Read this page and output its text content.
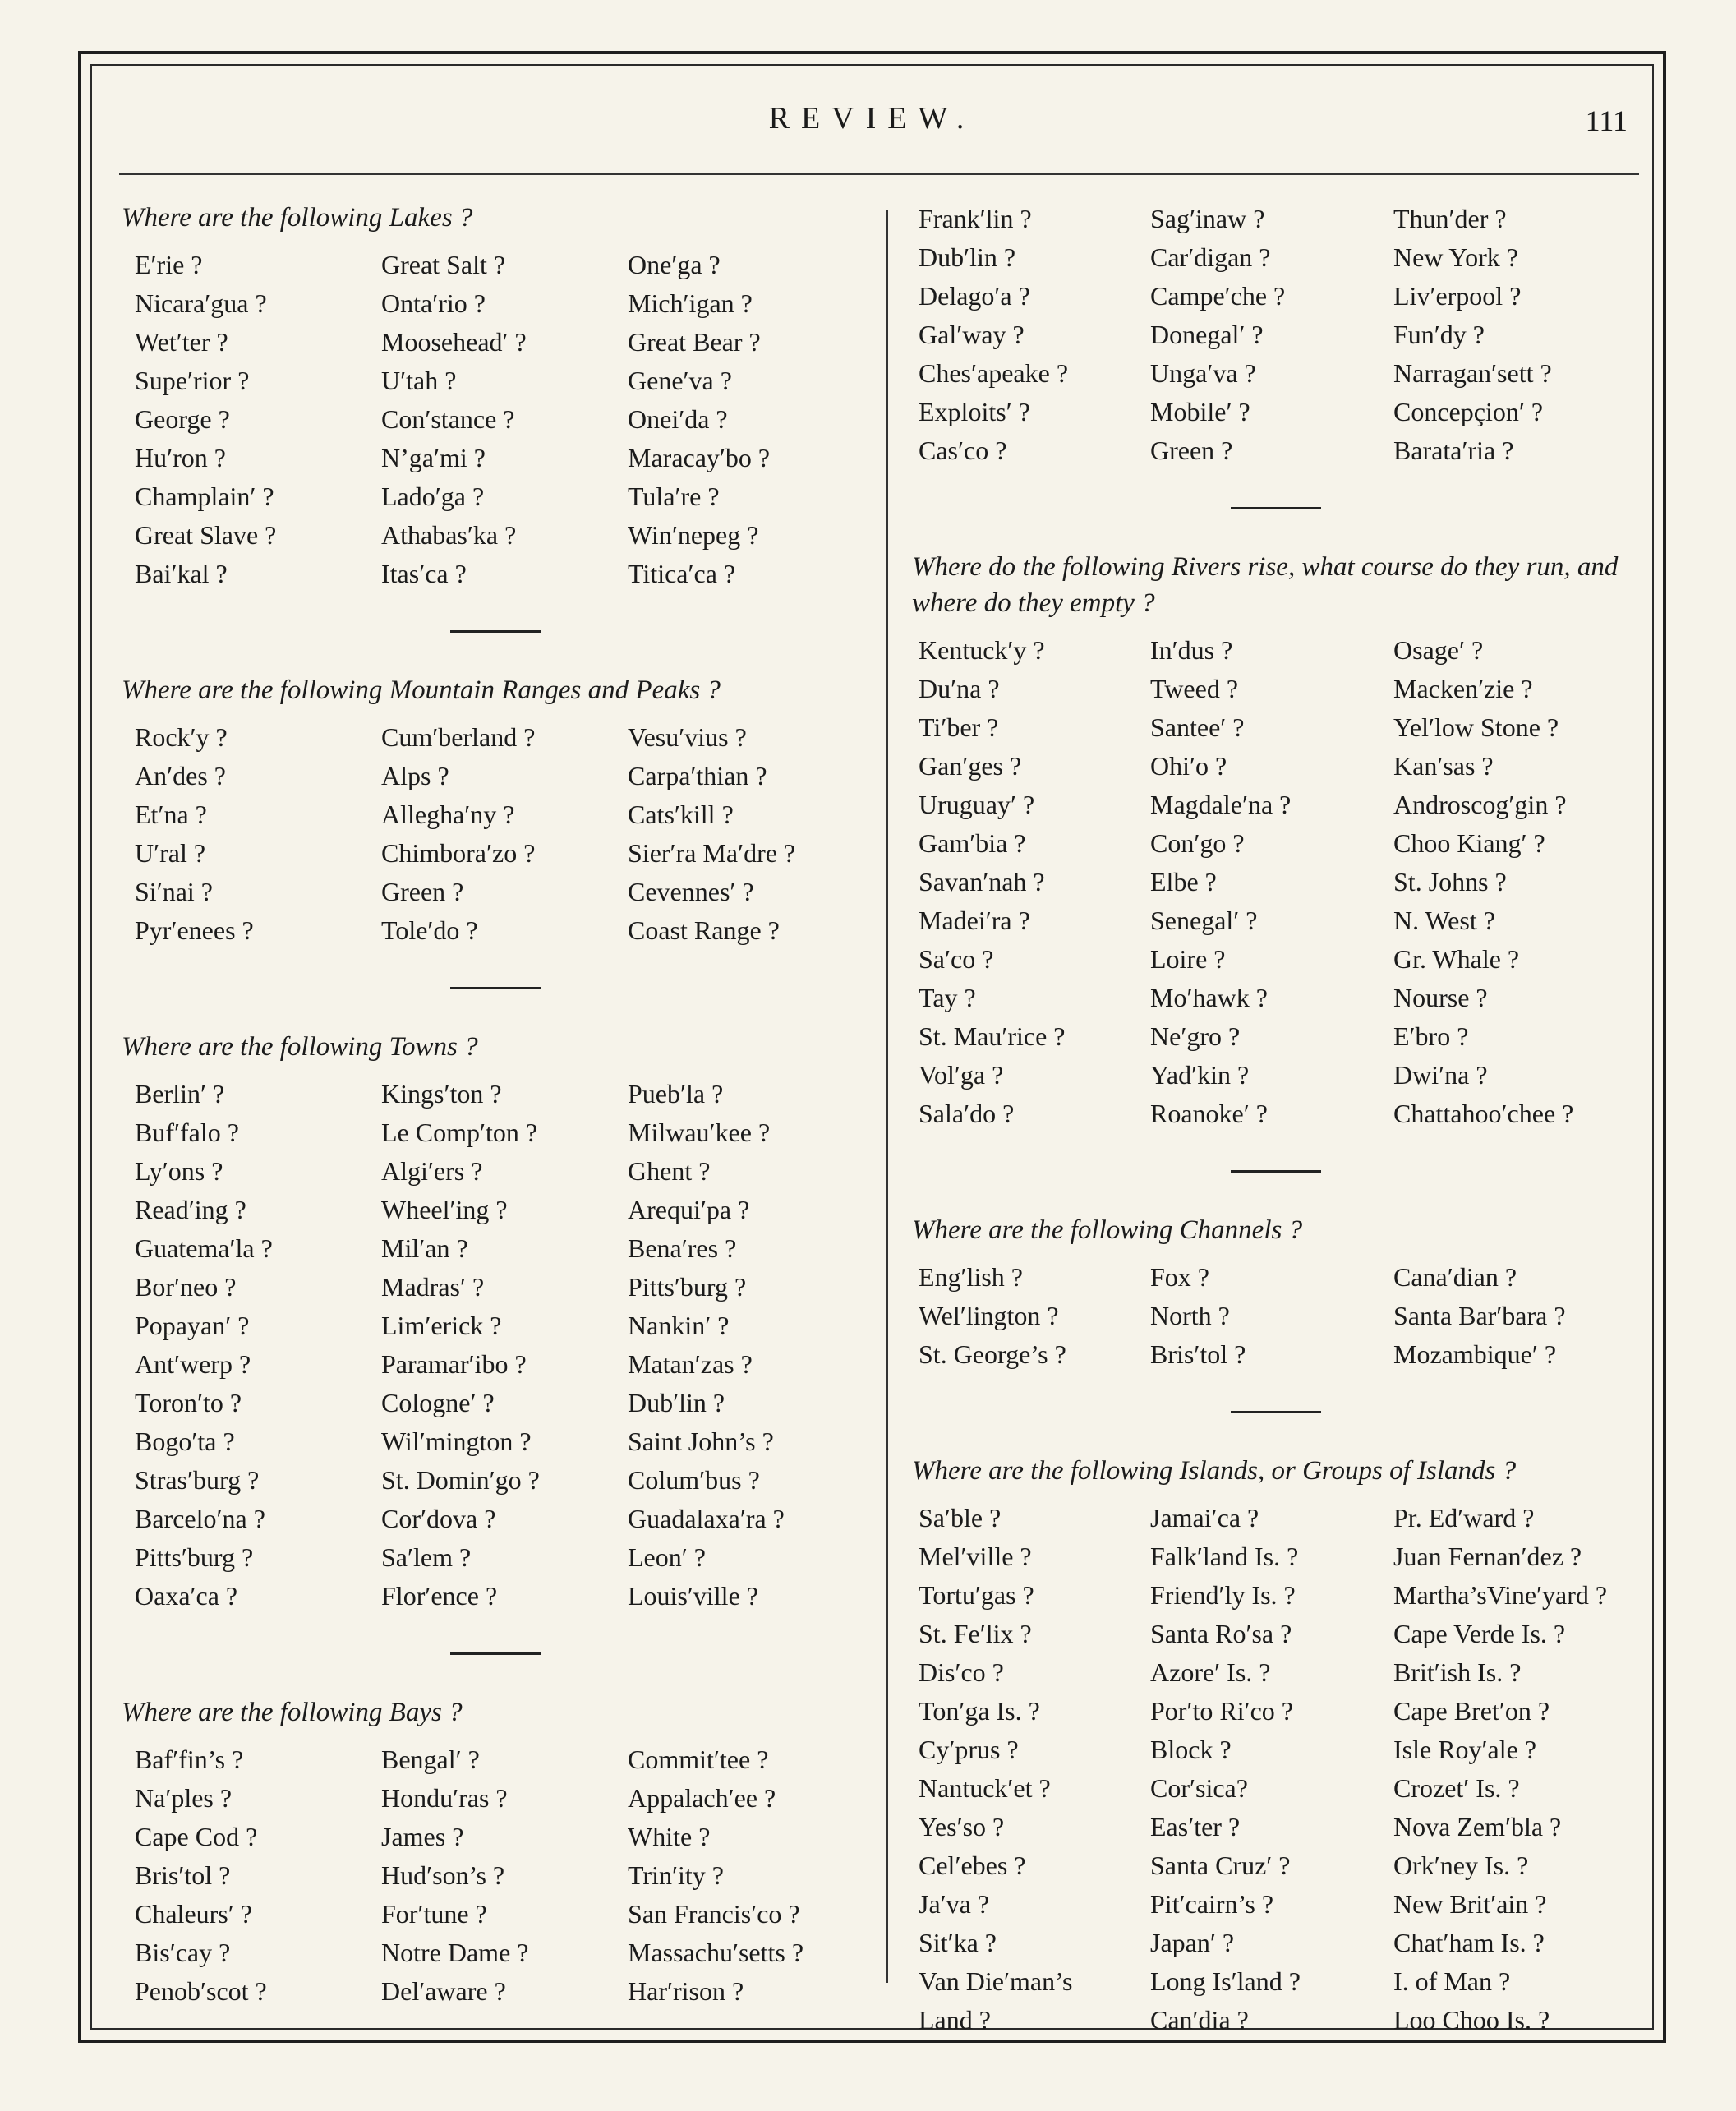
REVIEW.	111
Where are the following Lakes ?
E′rie ?	Great Salt ?	One′ga ?
Nicara′gua ?	Onta′rio ?	Mich′igan ?
Wet′ter ?	Moosehead′ ?	Great Bear ?
Supe′rior ?	U′tah ?	Gene′va ?
George ?	Con′stance ?	Onei′da ?
Hu′ron ?	N’ga′mi ?	Maracay′bo ?
Champlain′ ?	Lado′ga ?	Tula′re ?
Great Slave ?	Athabas′ka ?	Win′nepeg ?
Bai′kal ?	Itas′ca ?	Titica′ca ?
Where are the following Mountain Ranges and Peaks ?
Rock′y ?	Cum′berland ?	Vesu′vius ?
An′des ?	Alps ?	Carpa′thian ?
Et′na ?	Allegha′ny ?	Cats′kill ?
U′ral ?	Chimbora′zo ?	Sier′ra Ma′dre ?
Si′nai ?	Green ?	Cevennes′ ?
Pyr′enees ?	Tole′do ?	Coast Range ?
Where are the following Towns ?
Berlin′ ?	Kings′ton ?	Pueb′la ?
Buf′falo ?	Le Comp′ton ?	Milwau′kee ?
Ly′ons ?	Algi′ers ?	Ghent ?
Read′ing ?	Wheel′ing ?	Arequi′pa ?
Guatema′la ?	Mil′an ?	Bena′res ?
Bor′neo ?	Madras′ ?	Pitts′burg ?
Popayan′ ?	Lim′erick ?	Nankin′ ?
Ant′werp ?	Paramar′ibo ?	Matan′zas ?
Toron′to ?	Cologne′ ?	Dub′lin ?
Bogo′ta ?	Wil′mington ?	Saint John’s ?
Stras′burg ?	St. Domin′go ?	Colum′bus ?
Barcelo′na ?	Cor′dova ?	Guadalaxa′ra ?
Pitts′burg ?	Sa′lem ?	Leon′ ?
Oaxa′ca ?	Flor′ence ?	Louis′ville ?
Where are the following Bays ?
Baf′fin’s ?	Bengal′ ?	Commit′tee ?
Na′ples ?	Hondu′ras ?	Appalach′ee ?
Cape Cod ?	James ?	White ?
Bris′tol ?	Hud′son’s ?	Trin′ity ?
Chaleurs′ ?	For′tune ?	San Francis′co ?
Bis′cay ?	Notre Dame ?	Massachu′setts ?
Penob′scot ?	Del′aware ?	Har′rison ?
Frank′lin ?	Sag′inaw ?	Thun′der ?
Dub′lin ?	Car′digan ?	New York ?
Delago′a ?	Campe′che ?	Liv′erpool ?
Gal′way ?	Donegal′ ?	Fun′dy ?
Ches′apeake ?	Unga′va ?	Narragan′sett ?
Exploits′ ?	Mobile′ ?	Concepçion′ ?
Cas′co ?	Green ?	Barata′ria ?
Where do the following Rivers rise, what course do they run, and where do they empty ?
Kentuck′y ?	In′dus ?	Osage′ ?
Du′na ?	Tweed ?	Macken′zie ?
Ti′ber ?	Santee′ ?	Yel′low Stone ?
Gan′ges ?	Ohi′o ?	Kan′sas ?
Uruguay′ ?	Magdale′na ?	Androscog′gin ?
Gam′bia ?	Con′go ?	Choo Kiang′ ?
Savan′nah ?	Elbe ?	St. Johns ?
Madei′ra ?	Senegal′ ?	N. West ?
Sa′co ?	Loire ?	Gr. Whale ?
Tay ?	Mo′hawk ?	Nourse ?
St. Mau′rice ?	Ne′gro ?	E′bro ?
Vol′ga ?	Yad′kin ?	Dwi′na ?
Sala′do ?	Roanoke′ ?	Chattahoo′chee ?
Where are the following Channels ?
Eng′lish ?	Fox ?	Cana′dian ?
Wel′lington ?	North ?	Santa Bar′bara ?
St. George’s ?	Bris′tol ?	Mozambique′ ?
Where are the following Islands, or Groups of Islands ?
Sa′ble ?	Jamai′ca ?	Pr. Ed′ward ?
Mel′ville ?	Falk′land Is. ?	Juan Fernan′dez ?
Tortu′gas ?	Friend′ly Is. ?	Martha’sVine′yard ?
St. Fe′lix ?	Santa Ro′sa ?	Cape Verde Is. ?
Dis′co ?	Azore′ Is. ?	Brit′ish Is. ?
Ton′ga Is. ?	Por′to Ri′co ?	Cape Bret′on ?
Cy′prus ?	Block ?	Isle Roy′ale ?
Nantuck′et ?	Cor′sica?	Crozet′ Is. ?
Yes′so ?	Eas′ter ?	Nova Zem′bla ?
Cel′ebes ?	Santa Cruz′ ?	Ork′ney Is. ?
Ja′va ?	Pit′cairn’s ?	New Brit′ain ?
Sit′ka ?	Japan′ ?	Chat′ham Is. ?
Van Die′man’s	Long Is′land ?	I. of Man ?
Land ?	Can′dia ?	Loo Choo Is. ?
